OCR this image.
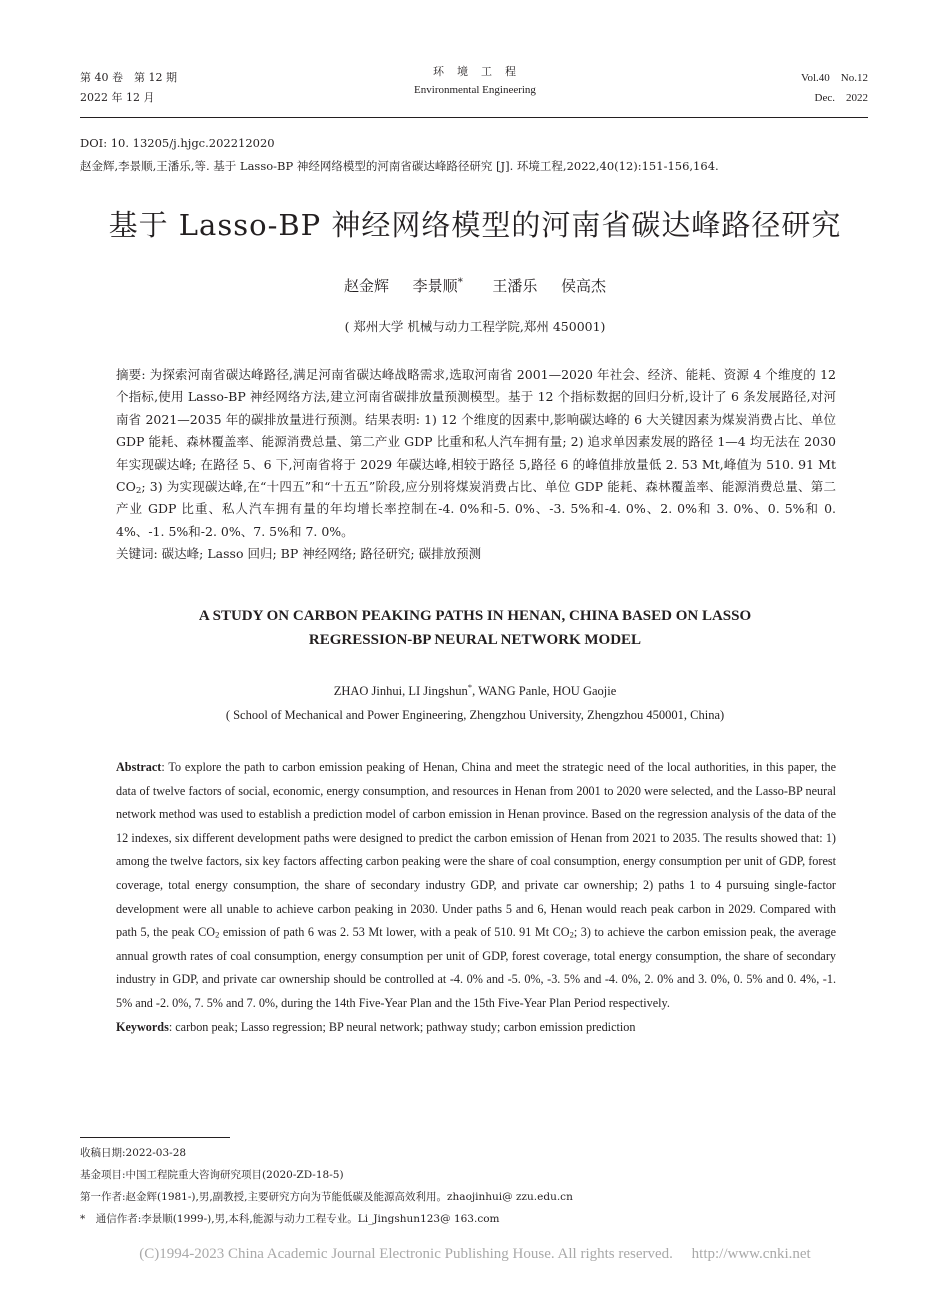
第 40 卷　第 12 期
2022 年 12 月
环　境　工　程
Environmental Engineering
Vol.40　No.12
Dec.　2022
DOI: 10. 13205/j.hjgc.202212020
赵金辉,李景顺,王潘乐,等. 基于 Lasso-BP 神经网络模型的河南省碳达峰路径研究 [J]. 环境工程,2022,40(12):151-156,164.
基于 Lasso-BP 神经网络模型的河南省碳达峰路径研究
赵金辉 李景顺* 王潘乐 侯高杰
( 郑州大学 机械与动力工程学院,郑州 450001)

摘要: 为探索河南省碳达峰路径,满足河南省碳达峰战略需求,选取河南省 2001—2020 年社会、经济、能耗、资源 4 个维度的 12 个指标,使用 Lasso-BP 神经网络方法,建立河南省碳排放量预测模型。基于 12 个指标数据的回归分析,设计了 6 条发展路径,对河南省 2021—2035 年的碳排放量进行预测。结果表明: 1) 12 个维度的因素中,影响碳达峰的 6 大关键因素为煤炭消费占比、单位 GDP 能耗、森林覆盖率、能源消费总量、第二产业 GDP 比重和私人汽车拥有量; 2) 追求单因素发展的路径 1—4 均无法在 2030 年实现碳达峰; 在路径 5、6 下,河南省将于 2029 年碳达峰,相较于路径 5,路径 6 的峰值排放量低 2. 53 Mt,峰值为 510. 91 Mt $CO_2$; 3) 为实现碳达峰,在“十四五”和“十五五”阶段,应分别将煤炭消费占比、单位 GDP 能耗、森林覆盖率、能源消费总量、第二产业 GDP 比重、私人汽车拥有量的年均增长率控制在-4. 0%和-5. 0%、-3. 5%和-4. 0%、2. 0%和 3. 0%、0. 5%和 0. 4%、-1. 5%和-2. 0%、7. 5%和 7. 0%。

关键词: 碳达峰; Lasso 回归; BP 神经网络; 路径研究; 碳排放预测

A STUDY ON CARBON PEAKING PATHS IN HENAN, CHINA BASED ON LASSO
REGRESSION-BP NEURAL NETWORK MODEL
ZHAO Jinhui, LI Jingshun*, WANG Panle, HOU Gaojie
( School of Mechanical and Power Engineering, Zhengzhou University, Zhengzhou 450001, China)

Abstract: To explore the path to carbon emission peaking of Henan, China and meet the strategic need of the local authorities, in this paper, the data of twelve factors of social, economic, energy consumption, and resources in Henan from 2001 to 2020 were selected, and the Lasso-BP neural network method was used to establish a prediction model of carbon emission in Henan province. Based on the regression analysis of the data of the 12 indexes, six different development paths were designed to predict the carbon emission of Henan from 2021 to 2035. The results showed that: 1) among the twelve factors, six key factors affecting carbon peaking were the share of coal consumption, energy consumption per unit of GDP, forest coverage, total energy consumption, the share of secondary industry GDP, and private car ownership; 2) paths 1 to 4 pursuing single-factor development were all unable to achieve carbon peaking in 2030. Under paths 5 and 6, Henan would reach peak carbon in 2029. Compared with path 5, the peak $CO_2$ emission of path 6 was 2. 53 Mt lower, with a peak of 510. 91 Mt $CO_2$; 3) to achieve the carbon emission peak, the average annual growth rates of coal consumption, energy consumption per unit of GDP, forest coverage, total energy consumption, the share of secondary industry in GDP, and private car ownership should be controlled at -4. 0% and -5. 0%, -3. 5% and -4. 0%, 2. 0% and 3. 0%, 0. 5% and 0. 4%, -1. 5% and -2. 0%, 7. 5% and 7. 0%, during the 14th Five-Year Plan and the 15th Five-Year Plan Period respectively.

Keywords: carbon peak; Lasso regression; BP neural network; pathway study; carbon emission prediction

收稿日期:2022-03-28
基金项目:中国工程院重大咨询研究项目(2020-ZD-18-5)
第一作者:赵金辉(1981-),男,副教授,主要研究方向为节能低碳及能源高效利用。zhaojinhui@ zzu.edu.cn
*　通信作者:李景顺(1999-),男,本科,能源与动力工程专业。Li_Jingshun123@ 163.com
(C)1994-2023 China Academic Journal Electronic Publishing House. All rights reserved.　 http://www.cnki.net
